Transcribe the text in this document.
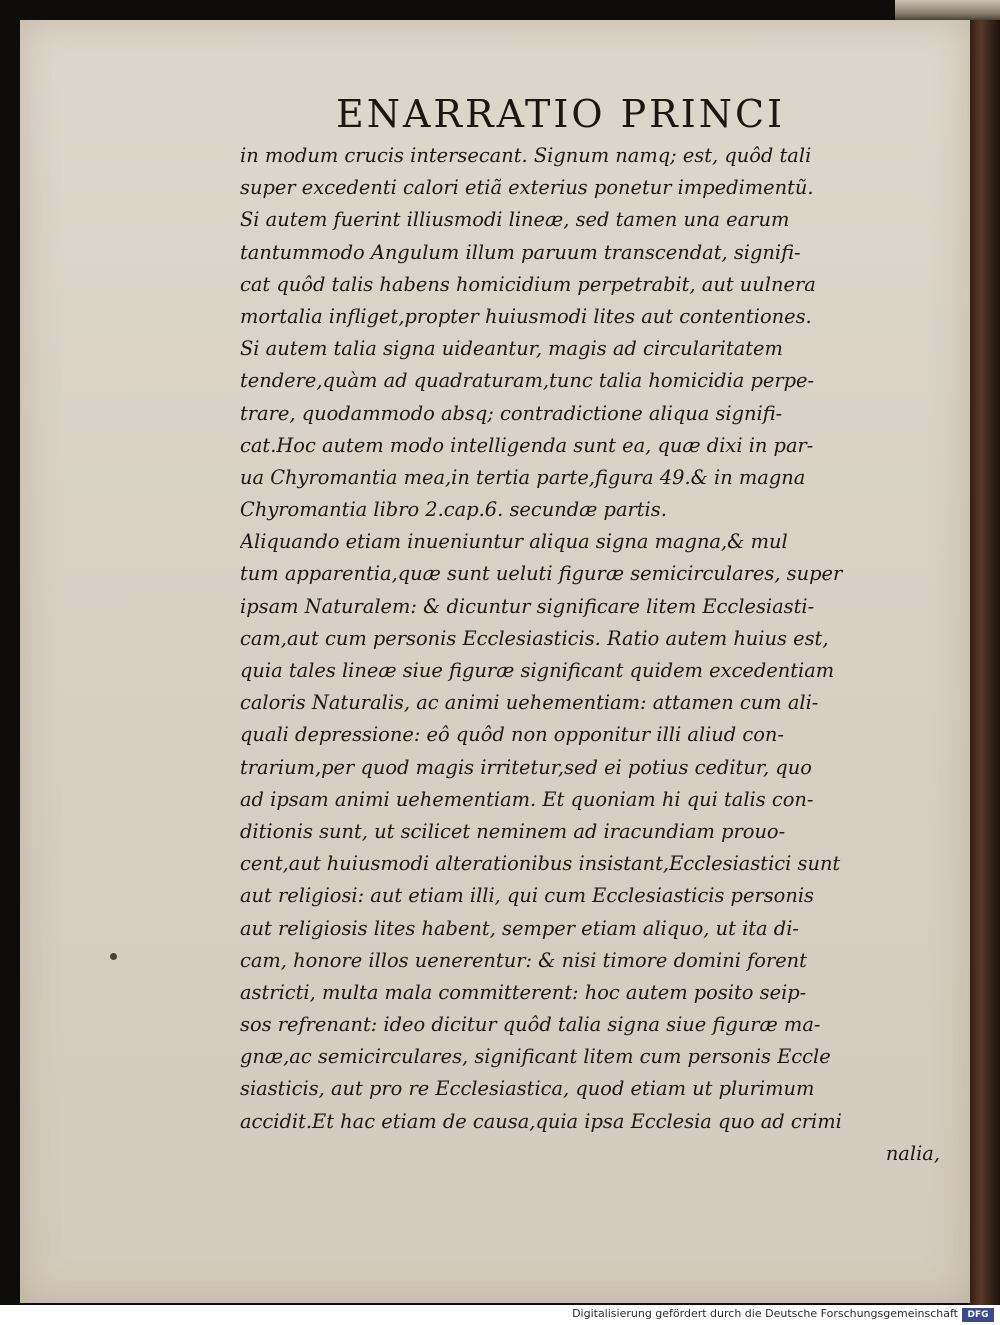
ENARRATIO PRINCI
in modum crucis intersecant. Signum namq; est, quôd tali
super excedenti calori etiã exterius ponetur impedimentũ.
Si autem fuerint illiusmodi lineæ, sed tamen una earum
tantummodo Angulum illum paruum transcendat, signifi-
cat quôd talis habens homicidium perpetrabit, aut uulnera
mortalia infliget,propter huiusmodi lites aut contentiones.
Si autem talia signa uideantur, magis ad circularitatem
tendere,quàm ad quadraturam,tunc talia homicidia perpe-
trare, quodammodo absq; contradictione aliqua signifi-
cat.Hoc autem modo intelligenda sunt ea, quæ dixi in par-
ua Chyromantia mea,in tertia parte,figura 49.& in magna
Chyromantia libro 2.cap.6. secundæ partis.
Aliquando etiam inueniuntur aliqua signa magna,& mul
tum apparentia,quæ sunt ueluti figuræ semicirculares, super
ipsam Naturalem: & dicuntur significare litem Ecclesiasti-
cam,aut cum personis Ecclesiasticis. Ratio autem huius est,
quia tales lineæ siue figuræ significant quidem excedentiam
caloris Naturalis, ac animi uehementiam: attamen cum ali-
quali depressione: eô quôd non opponitur illi aliud con-
trarium,per quod magis irritetur,sed ei potius ceditur, quo
ad ipsam animi uehementiam. Et quoniam hi qui talis con-
ditionis sunt, ut scilicet neminem ad iracundiam prouo-
cent,aut huiusmodi alterationibus insistant,Ecclesiastici sunt
aut religiosi: aut etiam illi, qui cum Ecclesiasticis personis
aut religiosis lites habent, semper etiam aliquo, ut ita di-
cam, honore illos uenerentur: & nisi timore domini forent
astricti, multa mala committerent: hoc autem posito seip-
sos refrenant: ideo dicitur quôd talia signa siue figuræ ma-
gnæ,ac semicirculares, significant litem cum personis Eccle
siasticis, aut pro re Ecclesiastica, quod etiam ut plurimum
accidit.Et hac etiam de causa,quia ipsa Ecclesia quo ad crimi
nalia,
Digitalisierung gefördert durch die Deutsche Forschungsgemeinschaft	DFG
